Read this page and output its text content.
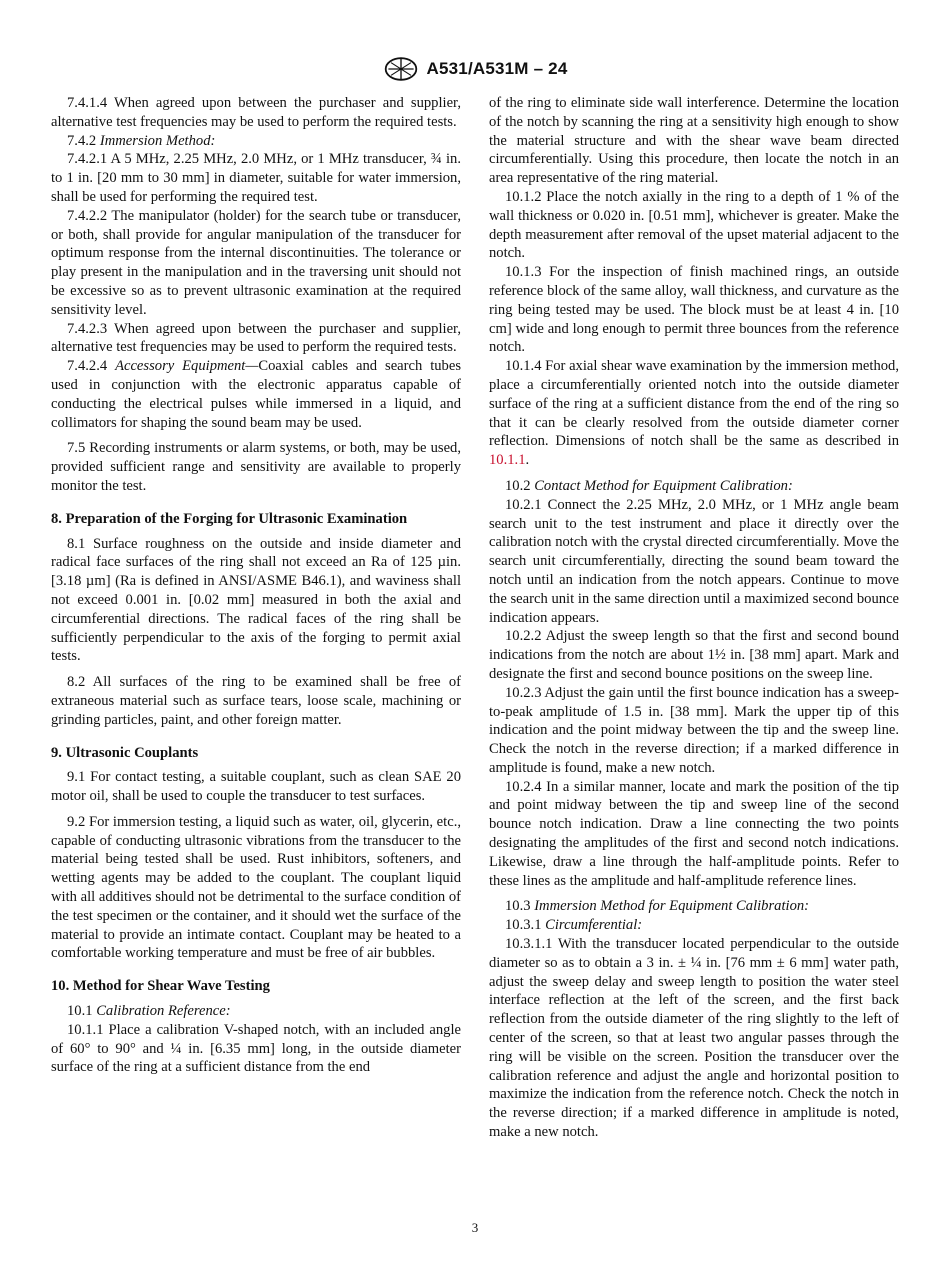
A531/A531M – 24

7.4.1.4 When agreed upon between the purchaser and supplier, alternative test frequencies may be used to perform the required tests.

7.4.2 Immersion Method:

7.4.2.1 A 5 MHz, 2.25 MHz, 2.0 MHz, or 1 MHz transducer, ¾ in. to 1 in. [20 mm to 30 mm] in diameter, suitable for water immersion, shall be used for performing the required test.

7.4.2.2 The manipulator (holder) for the search tube or transducer, or both, shall provide for angular manipulation of the transducer for optimum response from the internal discontinuities. The tolerance or play present in the manipulation and in the traversing unit should not be excessive so as to prevent ultrasonic examination at the required sensitivity level.

7.4.2.3 When agreed upon between the purchaser and supplier, alternative test frequencies may be used to perform the required tests.

7.4.2.4 Accessory Equipment—Coaxial cables and search tubes used in conjunction with the electronic apparatus capable of conducting the electrical pulses while immersed in a liquid, and collimators for shaping the sound beam may be used.

7.5 Recording instruments or alarm systems, or both, may be used, provided sufficient range and sensitivity are available to properly monitor the test.

8. Preparation of the Forging for Ultrasonic Examination

8.1 Surface roughness on the outside and inside diameter and radical face surfaces of the ring shall not exceed an Ra of 125 µin. [3.18 µm] (Ra is defined in ANSI/ASME B46.1), and waviness shall not exceed 0.001 in. [0.02 mm] measured in both the axial and circumferential directions. The radical faces of the ring shall be sufficiently perpendicular to the axis of the forging to permit axial tests.

8.2 All surfaces of the ring to be examined shall be free of extraneous material such as surface tears, loose scale, machining or grinding particles, paint, and other foreign matter.

9. Ultrasonic Couplants

9.1 For contact testing, a suitable couplant, such as clean SAE 20 motor oil, shall be used to couple the transducer to test surfaces.

9.2 For immersion testing, a liquid such as water, oil, glycerin, etc., capable of conducting ultrasonic vibrations from the transducer to the material being tested shall be used. Rust inhibitors, softeners, and wetting agents may be added to the couplant. The couplant liquid with all additives should not be detrimental to the surface condition of the test specimen or the container, and it should wet the surface of the material to provide an intimate contact. Couplant may be heated to a comfortable working temperature and must be free of air bubbles.

10. Method for Shear Wave Testing

10.1 Calibration Reference:

10.1.1 Place a calibration V-shaped notch, with an included angle of 60° to 90° and ¼ in. [6.35 mm] long, in the outside diameter surface of the ring at a sufficient distance from the end

of the ring to eliminate side wall interference. Determine the location of the notch by scanning the ring at a sensitivity high enough to show the material structure and with the shear wave beam directed circumferentially. Using this procedure, then locate the notch in an area representative of the ring material.

10.1.2 Place the notch axially in the ring to a depth of 1 % of the wall thickness or 0.020 in. [0.51 mm], whichever is greater. Make the depth measurement after removal of the upset material adjacent to the notch.

10.1.3 For the inspection of finish machined rings, an outside reference block of the same alloy, wall thickness, and curvature as the ring being tested may be used. The block must be at least 4 in. [10 cm] wide and long enough to permit three bounces from the reference notch.

10.1.4 For axial shear wave examination by the immersion method, place a circumferentially oriented notch into the outside diameter surface of the ring at a sufficient distance from the end of the ring so that it can be clearly resolved from the outside diameter corner reflection. Dimensions of notch shall be the same as described in 10.1.1.

10.2 Contact Method for Equipment Calibration:

10.2.1 Connect the 2.25 MHz, 2.0 MHz, or 1 MHz angle beam search unit to the test instrument and place it directly over the calibration notch with the crystal directed circumferentially. Move the search unit circumferentially, directing the sound beam toward the notch until an indication from the notch appears. Continue to move the search unit in the same direction until a maximized second bounce indication appears.

10.2.2 Adjust the sweep length so that the first and second bound indications from the notch are about 1½ in. [38 mm] apart. Mark and designate the first and second bounce positions on the sweep line.

10.2.3 Adjust the gain until the first bounce indication has a sweep-to-peak amplitude of 1.5 in. [38 mm]. Mark the upper tip of this indication and the point midway between the tip and the sweep line. Check the notch in the reverse direction; if a marked difference in amplitude is found, make a new notch.

10.2.4 In a similar manner, locate and mark the position of the tip and point midway between the tip and sweep line of the second bounce notch indication. Draw a line connecting the two points designating the amplitudes of the first and second notch indications. Likewise, draw a line through the half-amplitude points. Refer to these lines as the amplitude and half-amplitude reference lines.

10.3 Immersion Method for Equipment Calibration:

10.3.1 Circumferential:

10.3.1.1 With the transducer located perpendicular to the outside diameter so as to obtain a 3 in. ± ¼ in. [76 mm ± 6 mm] water path, adjust the sweep delay and sweep length to position the water steel interface reflection at the left of the screen, and the first back reflection from the outside diameter of the ring slightly to the left of center of the screen, so that at least two angular passes through the ring will be visible on the screen. Position the transducer over the calibration reference and adjust the angle and horizontal position to maximize the indication from the reference notch. Check the notch in the reverse direction; if a marked difference in amplitude is noted, make a new notch.

3
